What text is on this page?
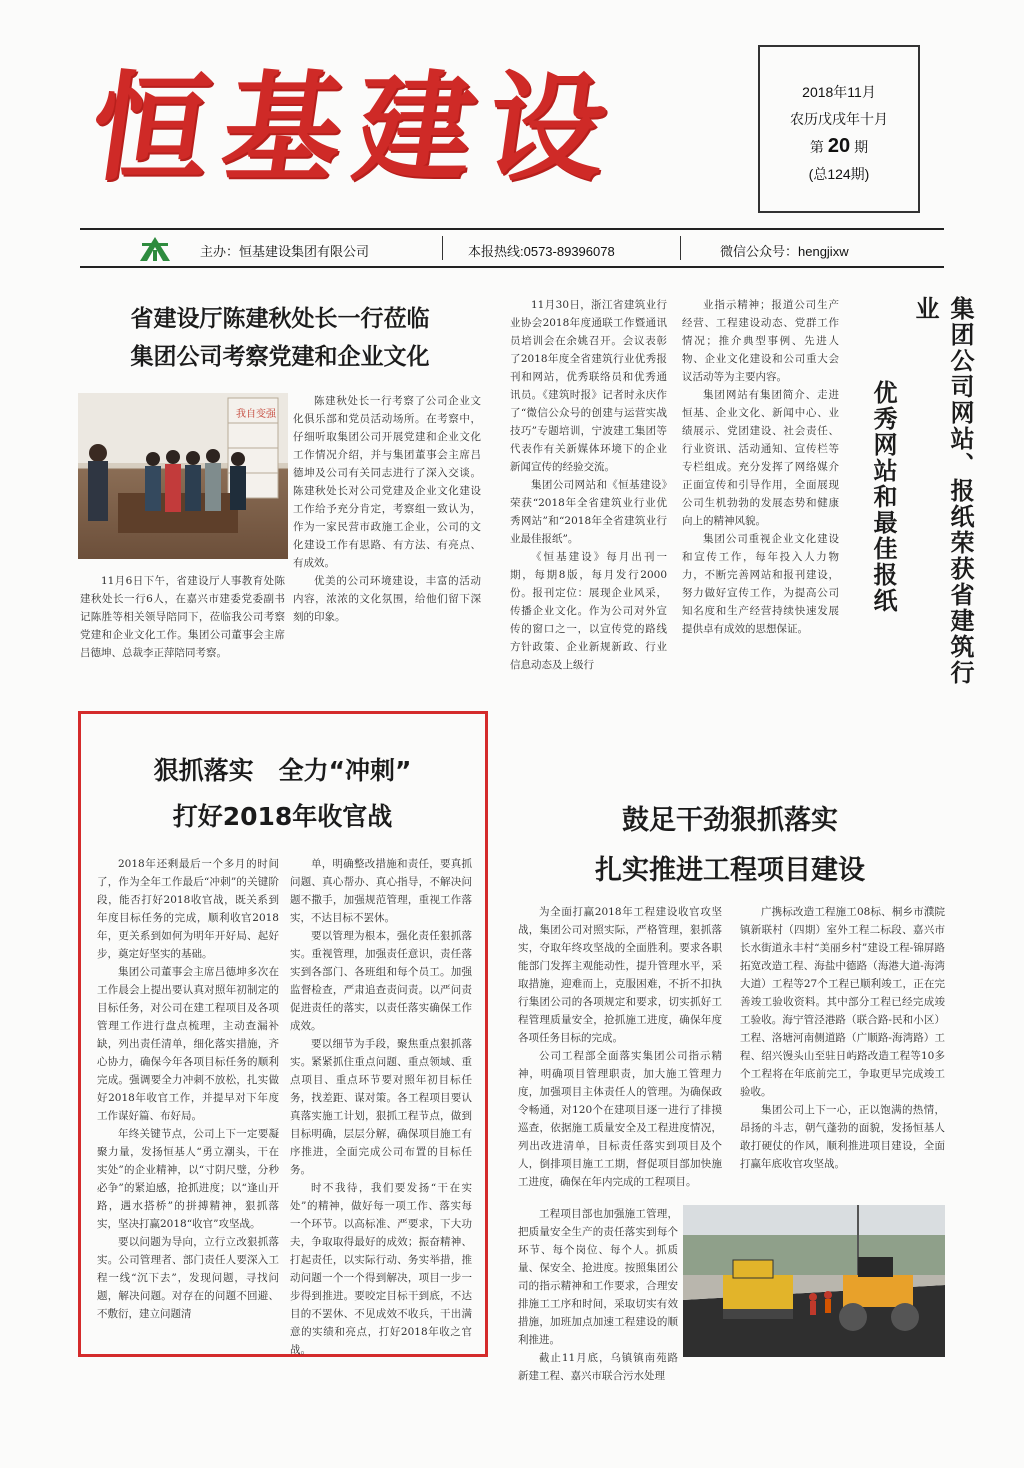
恒基建设	2018年11月
农历戊戌年十月
第 20 期
(总124期)
主办：恒基建设集团有限公司	本报热线:0573-89396078	微信公众号：hengjixw
省建设厅陈建秋处长一行莅临
集团公司考察党建和企业文化
我自变强

陈建秋处长一行考察了公司企业文化俱乐部和党员活动场所。在考察中，仔细听取集团公司开展党建和企业文化工作情况介绍，并与集团董事会主席吕德坤及公司有关同志进行了深入交谈。陈建秋处长对公司党建及企业文化建设工作给予充分肯定，考察组一致认为，作为一家民营市政施工企业，公司的文化建设工作有思路、有方法、有亮点、有成效。

优美的公司环境建设，丰富的活动内容，浓浓的文化氛围，给他们留下深刻的印象。

11月6日下午，省建设厅人事教育处陈建秋处长一行6人，在嘉兴市建委党委副书记陈胜等相关领导陪同下，莅临我公司考察党建和企业文化工作。集团公司董事会主席吕德坤、总裁李正萍陪同考察。

11月30日，浙江省建筑业行业协会2018年度通联工作暨通讯员培训会在余姚召开。会议表彰了2018年度全省建筑行业优秀报刊和网站，优秀联络员和优秀通讯员。《建筑时报》记者时永庆作了“微信公众号的创建与运营实战技巧”专题培训，宁波建工集团等代表作有关新媒体环境下的企业新闻宣传的经验交流。

集团公司网站和《恒基建设》荣获“2018年全省建筑业行业优秀网站”和“2018年全省建筑业行业最佳报纸”。

《恒基建设》每月出刊一期，每期8版，每月发行2000份。报刊定位：展现企业风采，传播企业文化。作为公司对外宣传的窗口之一，以宣传党的路线方针政策、企业新规新政、行业信息动态及上级行

业指示精神；报道公司生产经营、工程建设动态、党群工作情况；推介典型事例、先进人物、企业文化建设和公司重大会议活动等为主要内容。

集团网站有集团简介、走进恒基、企业文化、新闻中心、业绩展示、党团建设、社会责任、行业资讯、活动通知、宣传栏等专栏组成。充分发挥了网络媒介正面宣传和引导作用，全面展现公司生机勃勃的发展态势和健康向上的精神风貌。

集团公司重视企业文化建设和宣传工作，每年投入人力物力，不断完善网站和报刊建设，努力做好宣传工作，为提高公司知名度和生产经营持续快速发展提供卓有成效的思想保证。	集团公司网站、报纸荣获省建筑行业
优秀网站和最佳报纸
狠抓落实　全力“冲刺”
打好2018年收官战

2018年还剩最后一个多月的时间了，作为全年工作最后“冲刺”的关键阶段，能否打好2018收官战，既关系到年度目标任务的完成，顺利收官2018年，更关系到如何为明年开好局、起好步，奠定好坚实的基础。

集团公司董事会主席吕德坤多次在工作晨会上提出要认真对照年初制定的目标任务，对公司在建工程项目及各项管理工作进行盘点梳理，主动查漏补缺，列出责任清单，细化落实措施，齐心协力，确保今年各项目标任务的顺利完成。强调要全力冲刺不放松，扎实做好2018年收官工作，并提早对下年度工作谋好篇、布好局。

年终关键节点，公司上下一定要凝聚力量，发扬恒基人“勇立潮头，干在实处”的企业精神，以“寸阴尺璧，分秒必争”的紧迫感，抢抓进度；以“逢山开路，遇水搭桥”的拼搏精神，狠抓落实，坚决打赢2018“收官”攻坚战。

要以问题为导向，立行立改狠抓落实。公司管理者、部门责任人要深入工程一线“沉下去”，发现问题，寻找问题，解决问题。对存在的问题不回避、不敷衍，建立问题清

单，明确整改措施和责任，要真抓问题、真心帮办、真心指导，不解决问题不撒手，加强规范管理，重视工作落实，不达目标不罢休。

要以管理为根本，强化责任狠抓落实。重视管理，加强责任意识，责任落实到各部门、各班组和每个员工。加强监督检查，严肃追查责问责。以严问责促进责任的落实，以责任落实确保工作成效。

要以细节为手段，聚焦重点狠抓落实。紧紧抓住重点问题、重点领域、重点项目、重点环节要对照年初目标任务，找差距、谋对策。各工程项目要认真落实施工计划，狠抓工程节点，做到目标明确，层层分解，确保项目施工有序推进，全面完成公司布置的目标任务。

时不我待，我们要发扬“干在实处”的精神，做好每一项工作、落实每一个环节。以高标准、严要求，下大功夫，争取取得最好的成效；振奋精神、打起责任，以实际行动、务实举措，推动问题一个一个得到解决，项目一步一步得到推进。要咬定目标干到底，不达目的不罢休、不见成效不收兵，干出满意的实绩和亮点，打好2018年收之官战。

鼓足干劲狠抓落实
扎实推进工程项目建设

为全面打赢2018年工程建设收官攻坚战，集团公司对照实际，严格管理，狠抓落实，夺取年终攻坚战的全面胜利。要求各职能部门发挥主观能动性，提升管理水平，采取措施，迎难而上，克服困难，不折不扣执行集团公司的各项规定和要求，切实抓好工程管理质量安全，抢抓施工进度，确保年度各项任务目标的完成。

公司工程部全面落实集团公司指示精神，明确项目管理职责，加大施工管理力度，加强项目主体责任人的管理。为确保政令畅通，对120个在建项目逐一进行了排摸巡查，依据施工质量安全及工程进度情况，列出改进清单，目标责任落实到项目及个人，倒排项目施工工期，督促项目部加快施工进度，确保在年内完成的工程项目。

广携标改造工程施工08标、桐乡市濮院镇新联村（四期）室外工程二标段、嘉兴市长水街道永丰村“美丽乡村”建设工程-锦屏路拓宽改造工程、海盐中德路（海港大道-海湾大道）工程等27个工程已顺利竣工，正在完善竣工验收资料。其中部分工程已经完成竣工验收。海宁管泾港路（联合路-民和小区）工程、洛塘河南侧道路（广顺路-海湾路）工程、绍兴馒头山至驻日屿路改造工程等10多个工程将在年底前完工，争取更早完成竣工验收。

集团公司上下一心，正以饱满的热情，昂扬的斗志，朝气蓬勃的面貌，发扬恒基人敢打硬仗的作风，顺利推进项目建设，全面打赢年底收官攻坚战。

工程项目部也加强施工管理，把质量安全生产的责任落实到每个环节、每个岗位、每个人。抓质量、保安全、抢进度。按照集团公司的指示精神和工作要求，合理安排施工工序和时间，采取切实有效措施，加班加点加速工程建设的顺利推进。

截止11月底，乌镇镇南苑路新建工程、嘉兴市联合污水处理
